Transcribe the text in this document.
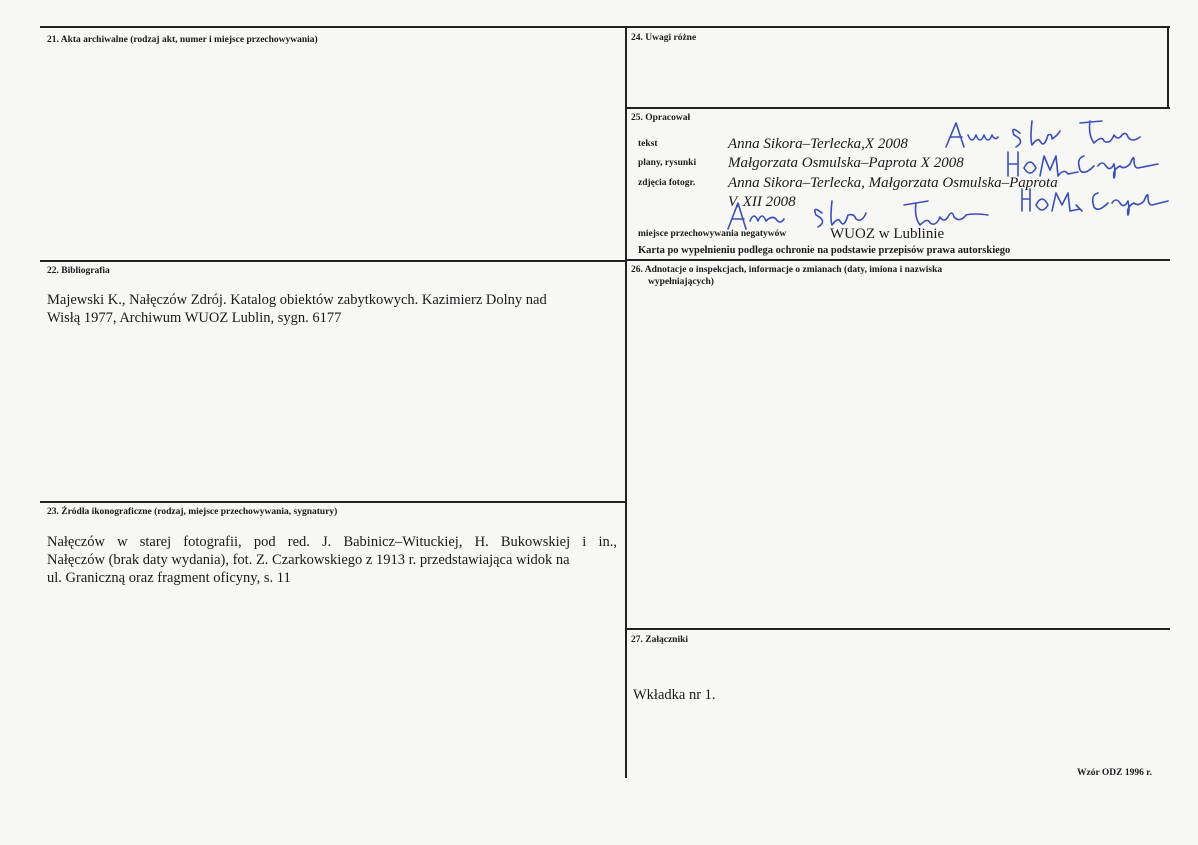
21. Akta archiwalne (rodzaj akt, numer i miejsce przechowywania)
22. Bibliografia
Majewski K., Nałęczów Zdrój. Katalog obiektów zabytkowych. Kazimierz Dolny nad
Wisłą 1977, Archiwum WUOZ Lublin, sygn. 6177
23. Źródła ikonograficzne (rodzaj, miejsce przechowywania, sygnatury)
Nałęczów w starej fotografii, pod red. J. Babinicz–Wituckiej, H. Bukowskiej i in.,
Nałęczów (brak daty wydania), fot. Z. Czarkowskiego z 1913 r. przedstawiająca widok na
ul. Graniczną oraz fragment oficyny, s. 11
24. Uwagi różne
25. Opracował
tekst	Anna Sikora–Terlecka,X 2008
plany, rysunki Małgorzata Osmulska–Paprota X 2008
zdjęcia fotogr. Anna Sikora–Terlecka, Małgorzata Osmulska–Paprota
V, XII 2008
miejsce przechowywania negatywów	WUOZ w Lublinie
Karta po wypełnieniu podlega ochronie na podstawie przepisów prawa autorskiego
26. Adnotacje o inspekcjach, informacje o zmianach (daty, imiona i nazwiska
wypełniających)
27. Załączniki
Wkładka nr 1.
Wzór ODZ 1996 r.
